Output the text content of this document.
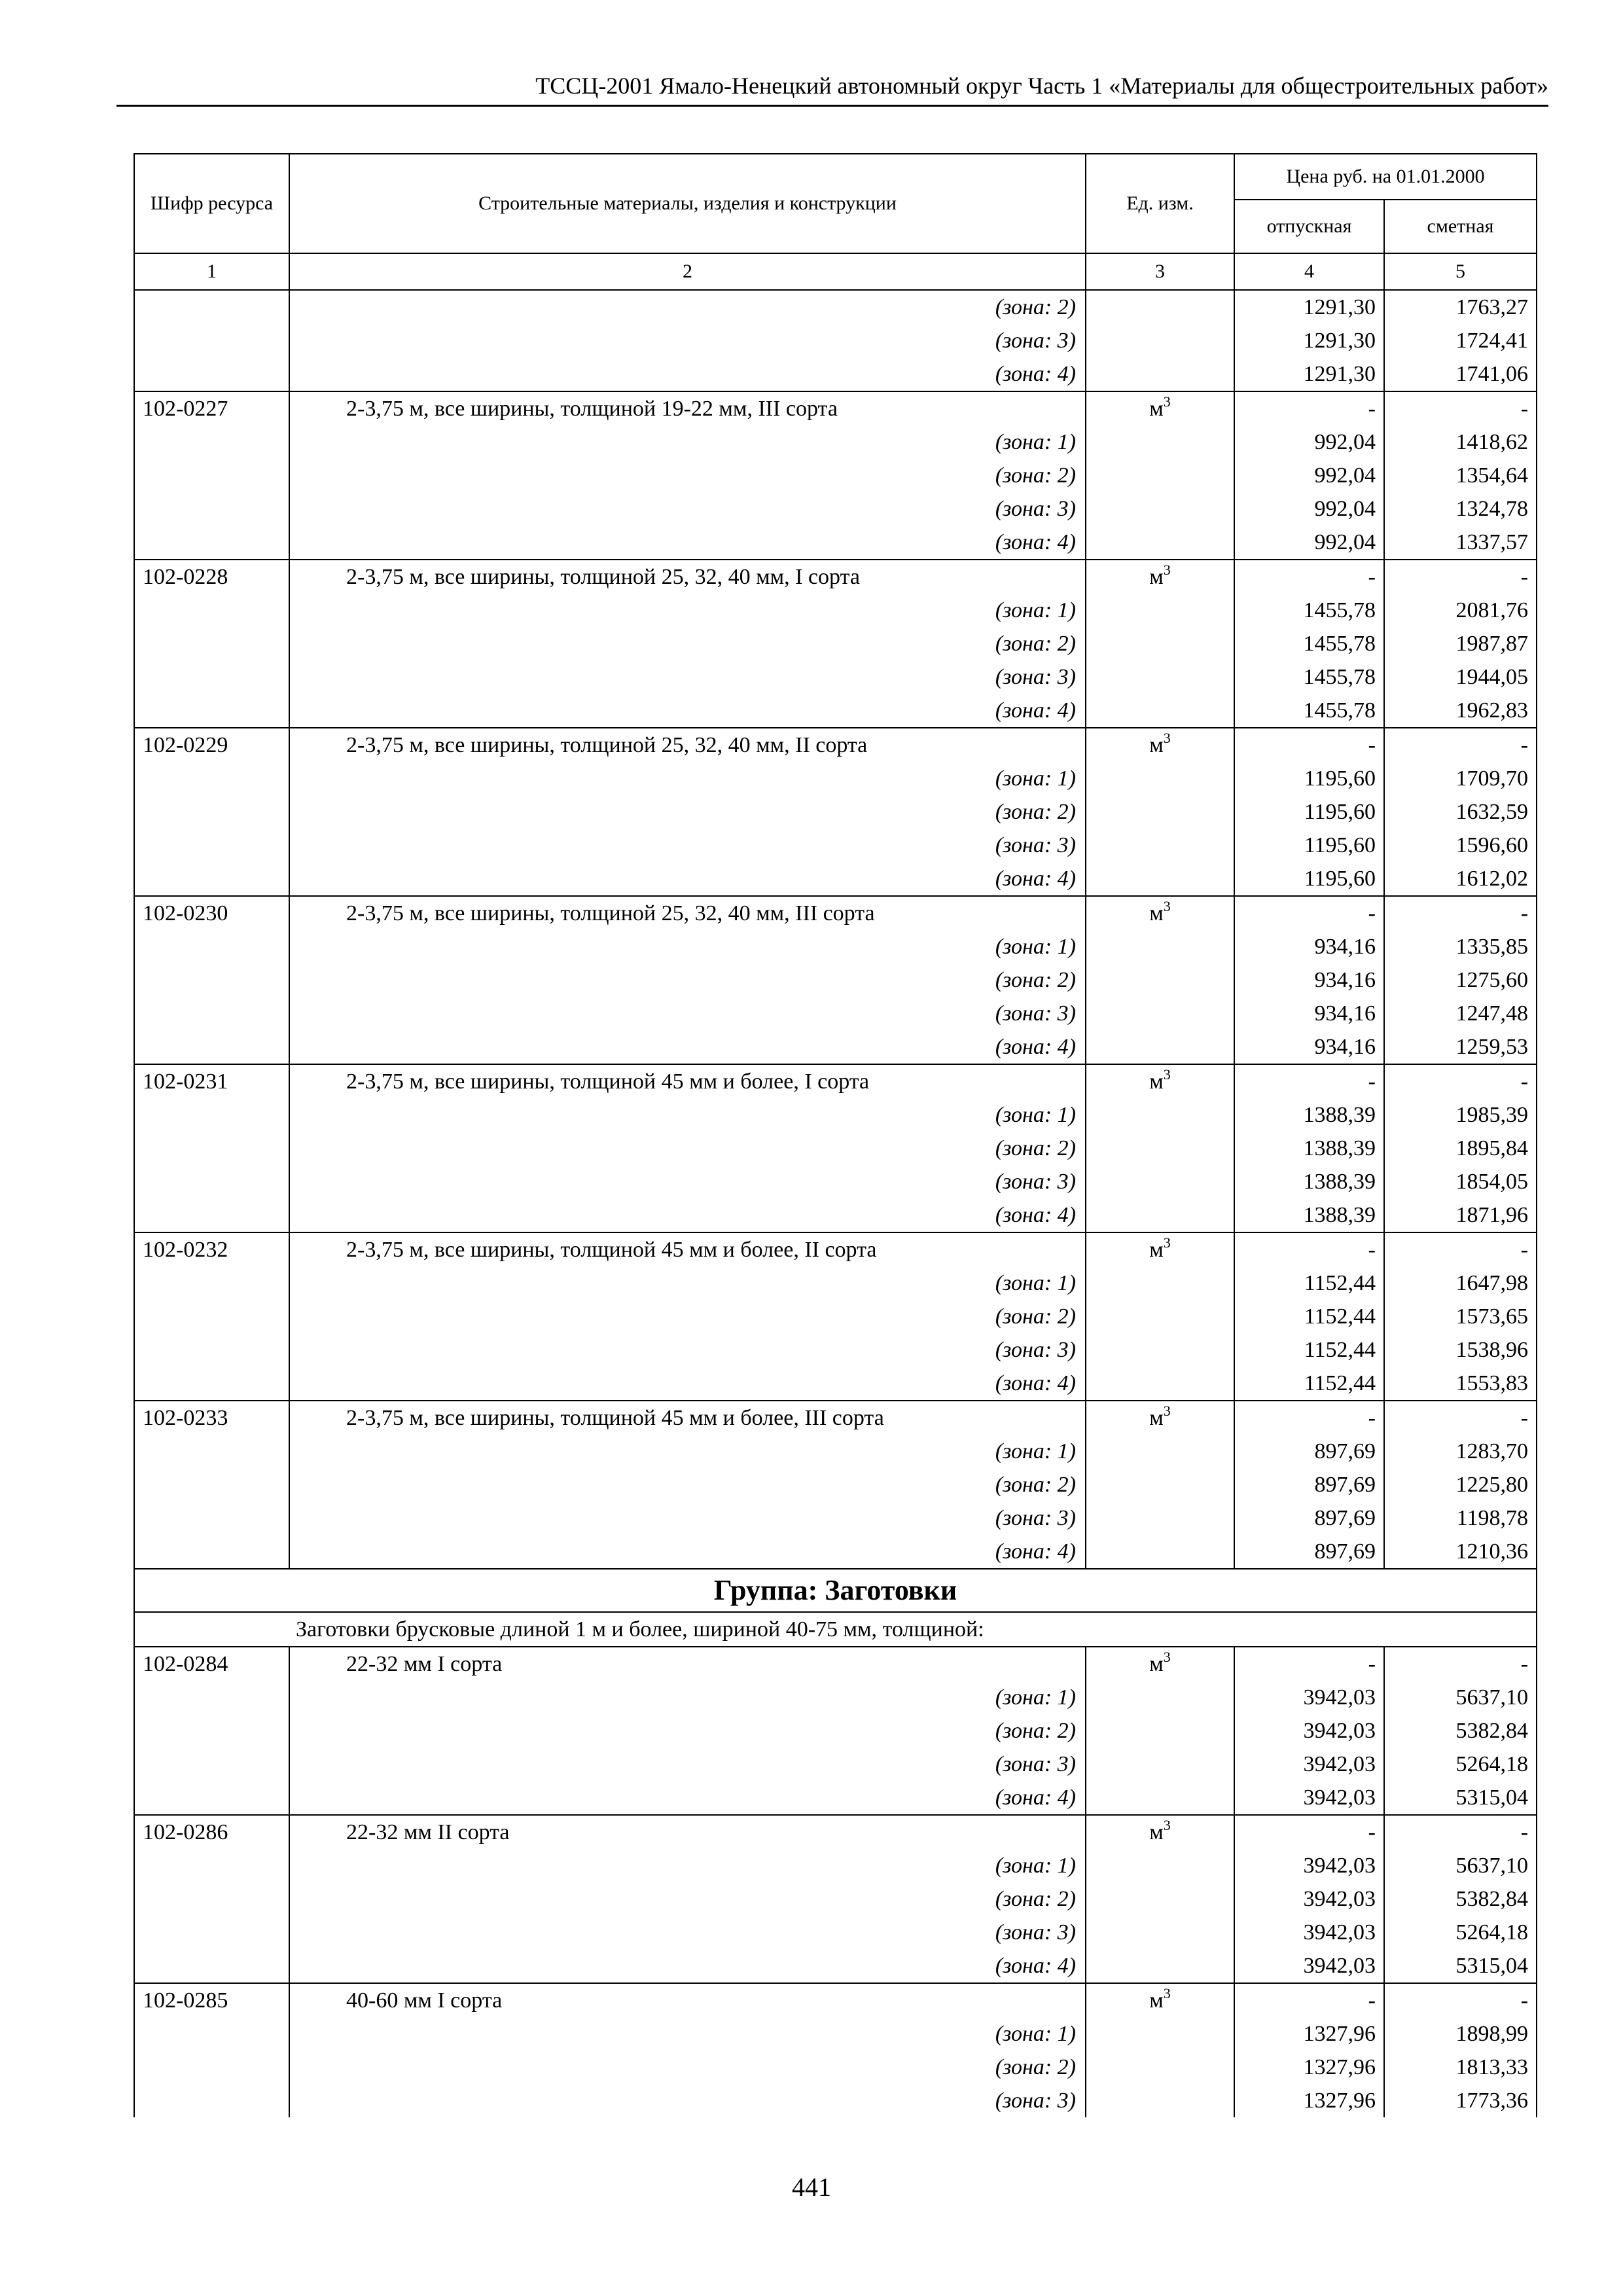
ТССЦ-2001 Ямало-Ненецкий автономный округ Часть 1 «Материалы для общестроительных работ»
Шифр ресурса	Строительные материалы, изделия и конструкции	Ед. изм.	Цена руб. на 01.01.2000	
			отпускная	сметная
1	2	3	4	5
	(зона: 2)		1291,30	1763,27
	(зона: 3)		1291,30	1724,41
	(зона: 4)		1291,30	1741,06
102-0227	2-3,75 м, все ширины, толщиной 19-22 мм, III сорта	$м^3$	-	-
	(зона: 1)		992,04	1418,62
	(зона: 2)		992,04	1354,64
	(зона: 3)		992,04	1324,78
	(зона: 4)		992,04	1337,57
102-0228	2-3,75 м, все ширины, толщиной 25, 32, 40 мм, I сорта	$м^3$	-	-
	(зона: 1)		1455,78	2081,76
	(зона: 2)		1455,78	1987,87
	(зона: 3)		1455,78	1944,05
	(зона: 4)		1455,78	1962,83
102-0229	2-3,75 м, все ширины, толщиной 25, 32, 40 мм, II сорта	$м^3$	-	-
	(зона: 1)		1195,60	1709,70
	(зона: 2)		1195,60	1632,59
	(зона: 3)		1195,60	1596,60
	(зона: 4)		1195,60	1612,02
102-0230	2-3,75 м, все ширины, толщиной 25, 32, 40 мм, III сорта	$м^3$	-	-
	(зона: 1)		934,16	1335,85
	(зона: 2)		934,16	1275,60
	(зона: 3)		934,16	1247,48
	(зона: 4)		934,16	1259,53
102-0231	2-3,75 м, все ширины, толщиной 45 мм и более, I сорта	$м^3$	-	-
	(зона: 1)		1388,39	1985,39
	(зона: 2)		1388,39	1895,84
	(зона: 3)		1388,39	1854,05
	(зона: 4)		1388,39	1871,96
102-0232	2-3,75 м, все ширины, толщиной 45 мм и более, II сорта	$м^3$	-	-
	(зона: 1)		1152,44	1647,98
	(зона: 2)		1152,44	1573,65
	(зона: 3)		1152,44	1538,96
	(зона: 4)		1152,44	1553,83
102-0233	2-3,75 м, все ширины, толщиной 45 мм и более, III сорта	$м^3$	-	-
	(зона: 1)		897,69	1283,70
	(зона: 2)		897,69	1225,80
	(зона: 3)		897,69	1198,78
	(зона: 4)		897,69	1210,36
Группа: Заготовки				
Заготовки брусковые длиной 1 м и более, шириной 40-75 мм, толщиной:				
102-0284	22-32 мм I сорта	$м^3$	-	-
	(зона: 1)		3942,03	5637,10
	(зона: 2)		3942,03	5382,84
	(зона: 3)		3942,03	5264,18
	(зона: 4)		3942,03	5315,04
102-0286	22-32 мм II сорта	$м^3$	-	-
	(зона: 1)		3942,03	5637,10
	(зона: 2)		3942,03	5382,84
	(зона: 3)		3942,03	5264,18
	(зона: 4)		3942,03	5315,04
102-0285	40-60 мм I сорта	$м^3$	-	-
	(зона: 1)		1327,96	1898,99
	(зона: 2)		1327,96	1813,33
	(зона: 3)		1327,96	1773,36
441
